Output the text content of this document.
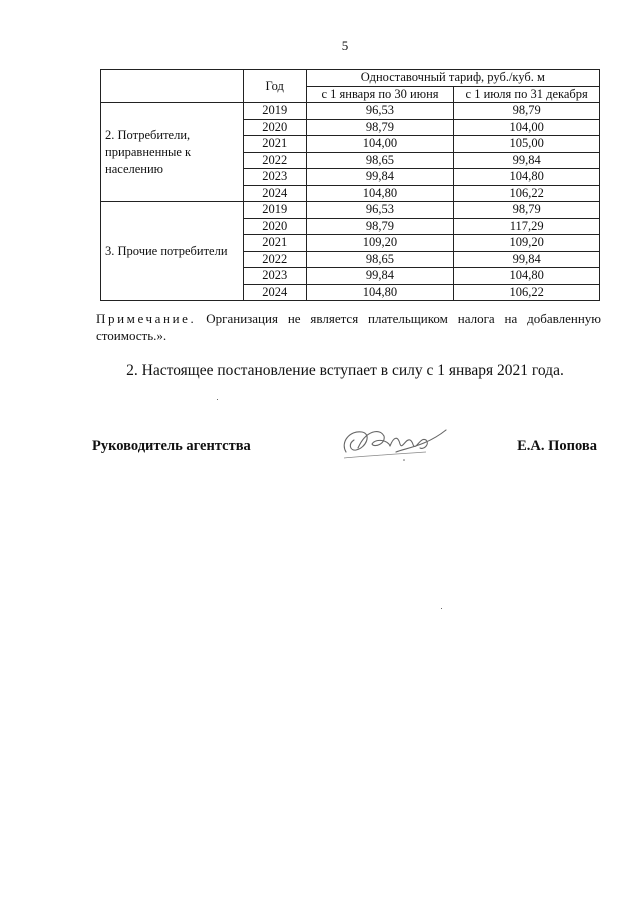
5
	Год	Одноставочный тариф, руб./куб. м	
		с 1 января по 30 июня	с 1 июля по 31 декабря
2. Потребители, приравненные к населению	2019	96,53	98,79
	2020	98,79	104,00
	2021	104,00	105,00
	2022	98,65	99,84
	2023	99,84	104,80
	2024	104,80	106,22
3. Прочие потребители	2019	96,53	98,79
	2020	98,79	117,29
	2021	109,20	109,20
	2022	98,65	99,84
	2023	99,84	104,80
	2024	104,80	106,22
Примечание. Организация не является плательщиком налога на добавленную стоимость.».
2. Настоящее постановление вступает в силу с 1 января 2021 года.
Руководитель агентства	Е.А. Попова
